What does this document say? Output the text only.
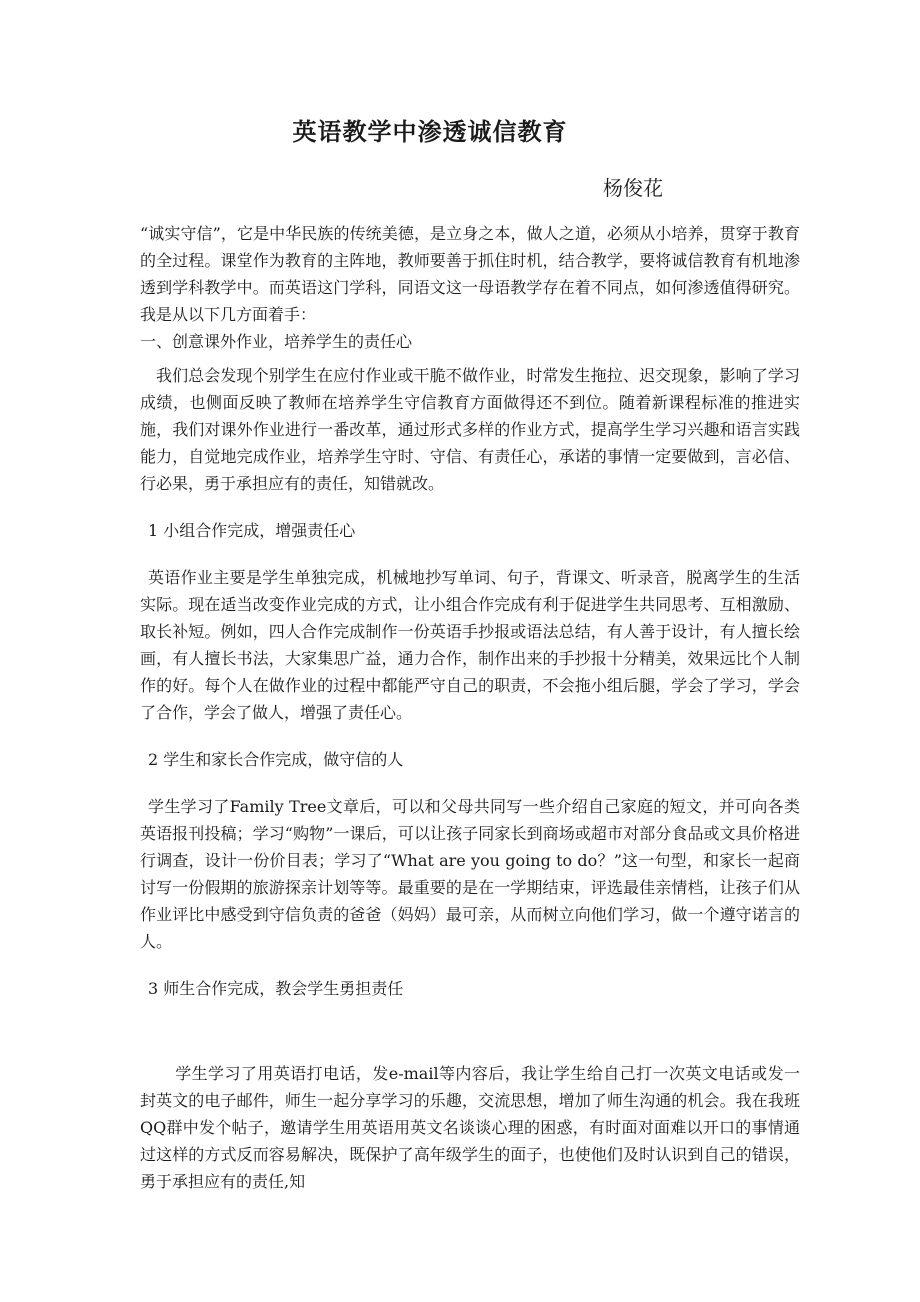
英语教学中渗透诚信教育
杨俊花

“诚实守信”，它是中华民族的传统美德，是立身之本，做人之道，必须从小培养，贯穿于教育的全过程。课堂作为教育的主阵地，教师要善于抓住时机，结合教学，要将诚信教育有机地渗透到学科教学中。而英语这门学科，同语文这一母语教学存在着不同点，如何渗透值得研究。我是从以下几方面着手：

一、创意课外作业，培养学生的责任心

我们总会发现个别学生在应付作业或干脆不做作业，时常发生拖拉、迟交现象，影响了学习成绩，也侧面反映了教师在培养学生守信教育方面做得还不到位。随着新课程标准的推进实施，我们对课外作业进行一番改革，通过形式多样的作业方式，提高学生学习兴趣和语言实践能力，自觉地完成作业，培养学生守时、守信、有责任心，承诺的事情一定要做到，言必信、行必果，勇于承担应有的责任，知错就改。

1 小组合作完成，增强责任心

英语作业主要是学生单独完成，机械地抄写单词、句子，背课文、听录音，脱离学生的生活实际。现在适当改变作业完成的方式，让小组合作完成有利于促进学生共同思考、互相激励、取长补短。例如，四人合作完成制作一份英语手抄报或语法总结，有人善于设计，有人擅长绘画，有人擅长书法，大家集思广益，通力合作，制作出来的手抄报十分精美，效果远比个人制作的好。每个人在做作业的过程中都能严守自己的职责，不会拖小组后腿，学会了学习，学会了合作，学会了做人，增强了责任心。

2 学生和家长合作完成，做守信的人

学生学习了Family Tree文章后，可以和父母共同写一些介绍自己家庭的短文，并可向各类英语报刊投稿；学习“购物”一课后，可以让孩子同家长到商场或超市对部分食品或文具价格进行调查，设计一份价目表；学习了“What are you going to do？”这一句型，和家长一起商讨写一份假期的旅游探亲计划等等。最重要的是在一学期结束，评选最佳亲情档，让孩子们从作业评比中感受到守信负责的爸爸（妈妈）最可亲，从而树立向他们学习，做一个遵守诺言的人。

3 师生合作完成，教会学生勇担责任

学生学习了用英语打电话，发e-mail等内容后，我让学生给自己打一次英文电话或发一封英文的电子邮件，师生一起分享学习的乐趣，交流思想，增加了师生沟通的机会。我在我班QQ群中发个帖子，邀请学生用英语用英文名谈谈心理的困惑，有时面对面难以开口的事情通过这样的方式反而容易解决，既保护了高年级学生的面子，也使他们及时认识到自己的错误，勇于承担应有的责任,知
